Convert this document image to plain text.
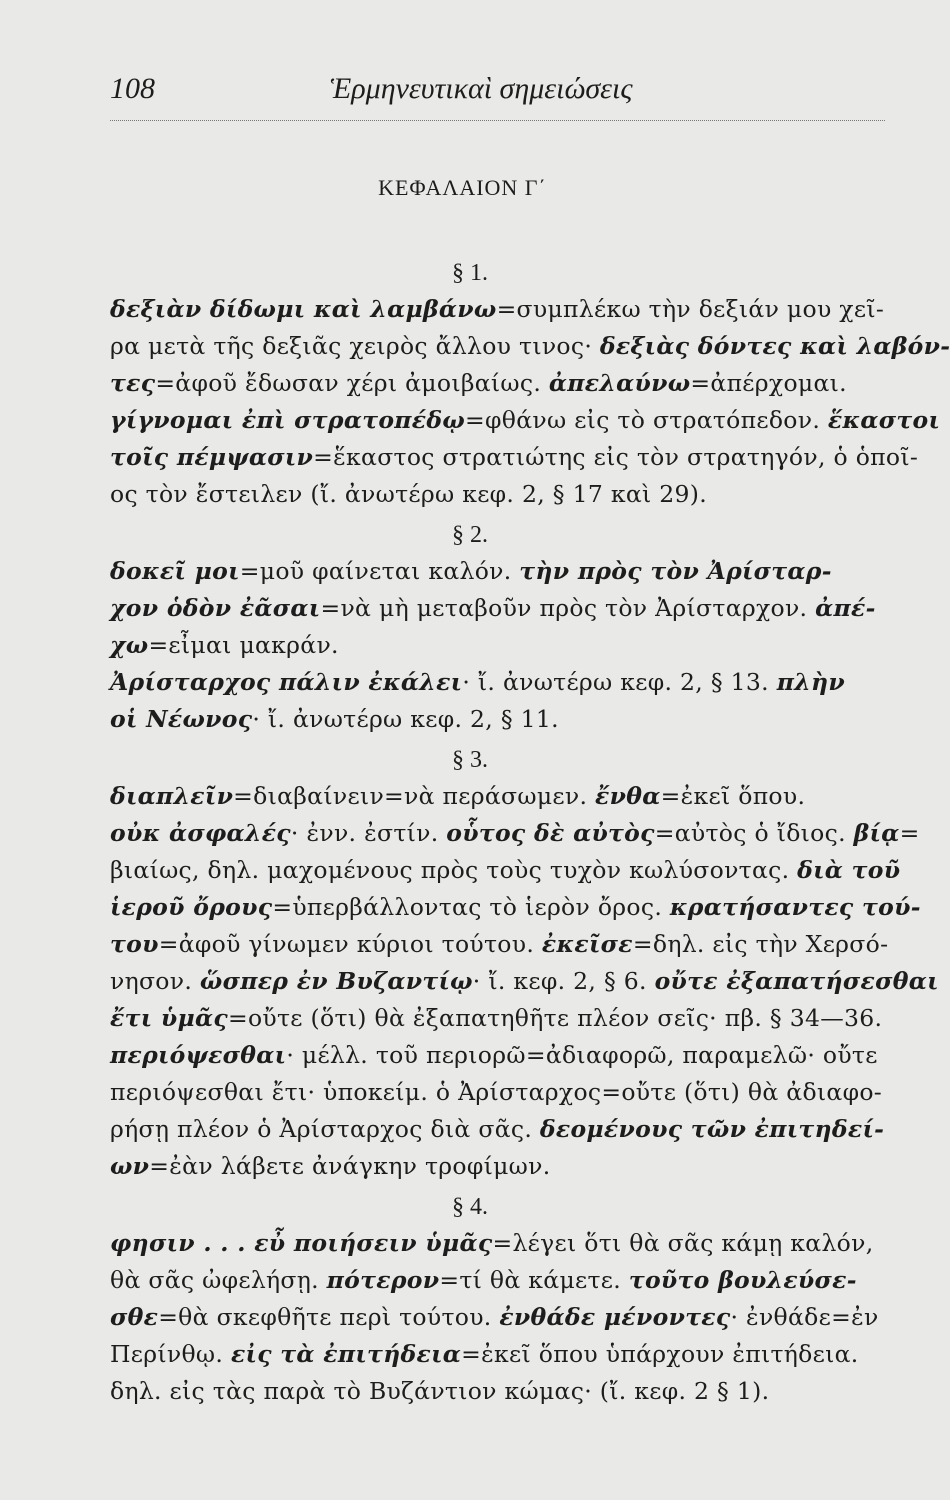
108	Ἑρμηνευτικαὶ σημειώσεις
ΚΕΦΑΛΑΙΟΝ Γ΄
§ 1.
δεξιὰν δίδωμι καὶ λαμβάνω=συμπλέκω τὴν δεξιάν μου χεῖ-
ρα μετὰ τῆς δεξιᾶς χειρὸς ἄλλου τινος· δεξιὰς δόντες καὶ λαβόν-
τες=ἀφοῦ ἔδωσαν χέρι ἀμοιβαίως. ἀπελαύνω=ἀπέρχομαι.
γίγνομαι ἐπὶ στρατοπέδῳ=φθάνω εἰς τὸ στρατόπεδον. ἕκαστοι
τοῖς πέμψασιν=ἕκαστος στρατιώτης εἰς τὸν στρατηγόν, ὁ ὁποῖ-
ος τὸν ἔστειλεν (ἴ. ἀνωτέρω κεφ. 2, § 17 καὶ 29).
§ 2.
δοκεῖ μοι=μοῦ φαίνεται καλόν. τὴν πρὸς τὸν Ἀρίσταρ-
χον ὁδὸν ἐᾶσαι=νὰ μὴ μεταβοῦν πρὸς τὸν Ἀρίσταρχον. ἀπέ-
χω=εἶμαι μακράν.
Ἀρίσταρχος πάλιν ἐκάλει· ἴ. ἀνωτέρω κεφ. 2, § 13. πλὴν
οἱ Νέωνος· ἴ. ἀνωτέρω κεφ. 2, § 11.
§ 3.
διαπλεῖν=διαβαίνειν=νὰ περάσωμεν. ἔνθα=ἐκεῖ ὅπου.
οὐκ ἀσφαλές· ἐνν. ἐστίν. οὗτος δὲ αὐτὸς=αὐτὸς ὁ ἴδιος. βίᾳ=
βιαίως, δηλ. μαχομένους πρὸς τοὺς τυχὸν κωλύσοντας. διὰ τοῦ
ἱεροῦ ὄρους=ὑπερβάλλοντας τὸ ἱερὸν ὄρος. κρατήσαντες τού-
του=ἀφοῦ γίνωμεν κύριοι τούτου. ἐκεῖσε=δηλ. εἰς τὴν Χερσό-
νησον. ὥσπερ ἐν Βυζαντίῳ· ἴ. κεφ. 2, § 6. οὔτε ἐξαπατήσεσθαι
ἔτι ὑμᾶς=οὔτε (ὅτι) θὰ ἐξαπατηθῆτε πλέον σεῖς· πβ. § 34—36.
περιόψεσθαι· μέλλ. τοῦ περιορῶ=ἀδιαφορῶ, παραμελῶ· οὔτε
περιόψεσθαι ἔτι· ὑποκείμ. ὁ Ἀρίσταρχος=οὔτε (ὅτι) θὰ ἀδιαφο-
ρήσῃ πλέον ὁ Ἀρίσταρχος διὰ σᾶς. δεομένους τῶν ἐπιτηδεί-
ων=ἐὰν λάβετε ἀνάγκην τροφίμων.
§ 4.
φησιν . . . εὖ ποιήσειν ὑμᾶς=λέγει ὅτι θὰ σᾶς κάμῃ καλόν,
θὰ σᾶς ὠφελήσῃ. πότερον=τί θὰ κάμετε. τοῦτο βουλεύσε-
σθε=θὰ σκεφθῆτε περὶ τούτου. ἐνθάδε μένοντες· ἐνθάδε=ἐν
Περίνθῳ. εἰς τὰ ἐπιτήδεια=ἐκεῖ ὅπου ὑπάρχουν ἐπιτήδεια.
δηλ. εἰς τὰς παρὰ τὸ Βυζάντιον κώμας· (ἴ. κεφ. 2 § 1).
